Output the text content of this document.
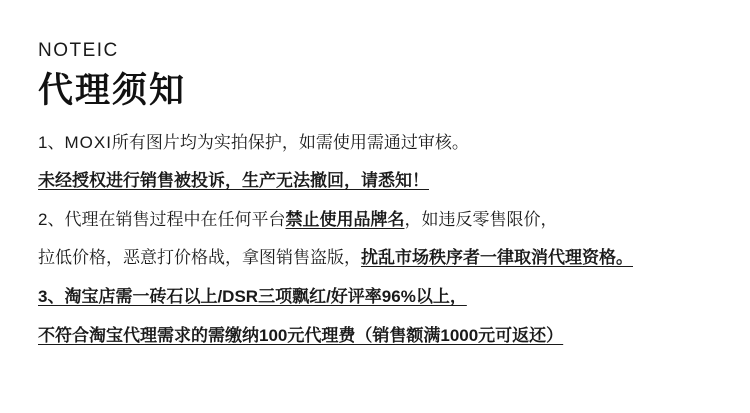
NOTEIC
代理须知
1、MOXI所有图片均为实拍保护，如需使用需通过审核。
未经授权进行销售被投诉，生产无法撤回，请悉知！
2、代理在销售过程中在任何平台禁止使用品牌名，如违反零售限价，
拉低价格，恶意打价格战，拿图销售盗版，扰乱市场秩序者一律取消代理资格。
3、淘宝店需一砖石以上/DSR三项飘红/好评率96%以上，
不符合淘宝代理需求的需缴纳100元代理费（销售额满1000元可返还）
